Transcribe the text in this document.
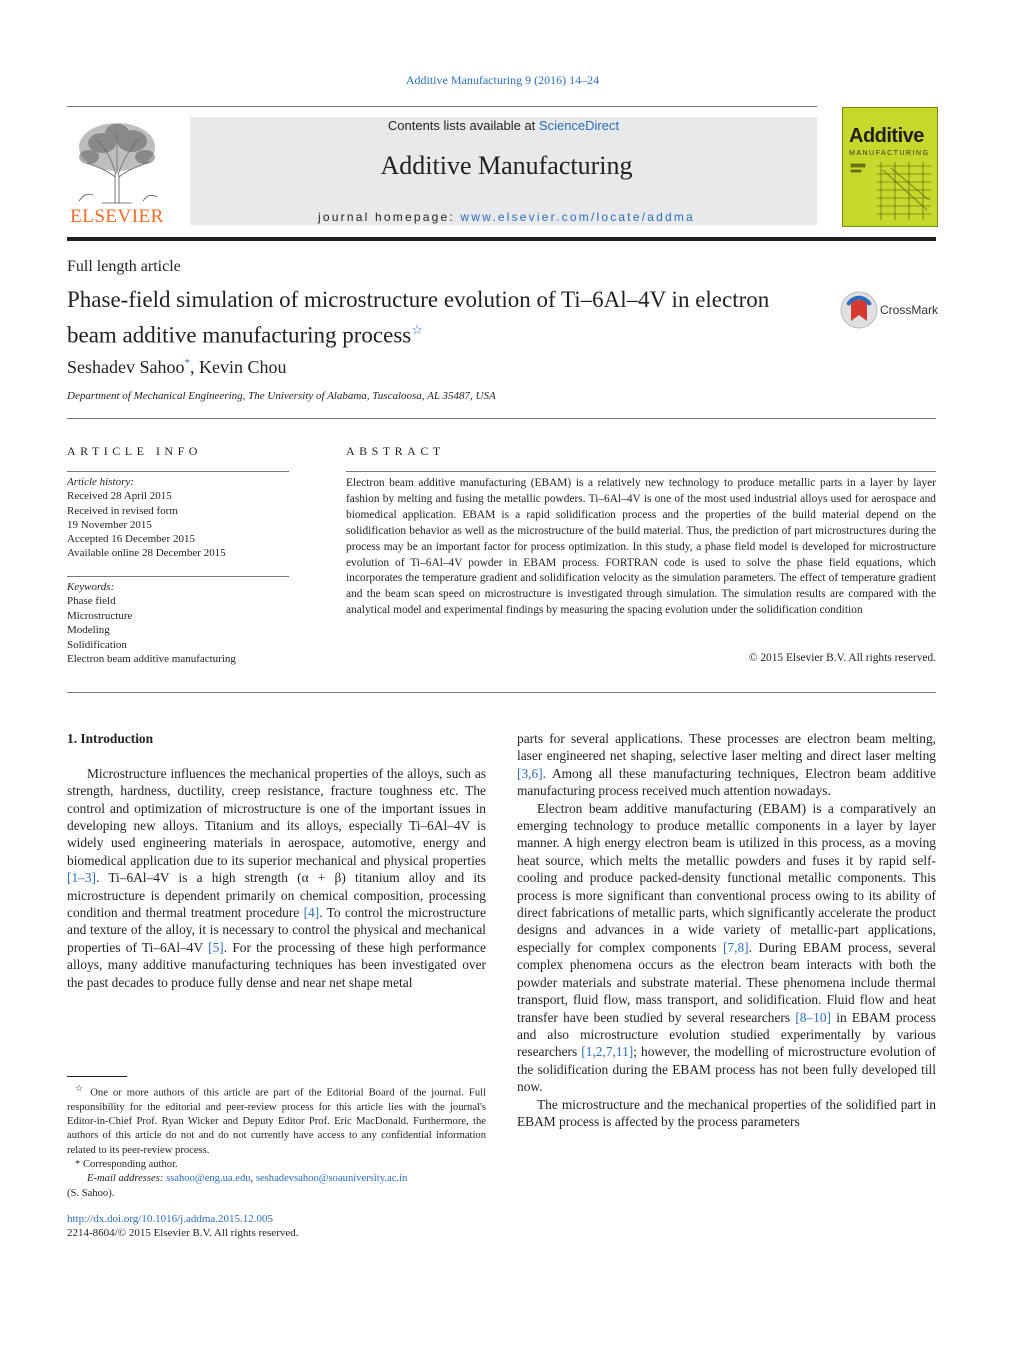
Additive Manufacturing 9 (2016) 14–24
ELSEVIER
Contents lists available at ScienceDirect
Additive Manufacturing
journal homepage: www.elsevier.com/locate/addma
Additive
MANUFACTURING
Full length article
Phase-field simulation of microstructure evolution of Ti–6Al–4V in electron beam additive manufacturing process☆
CrossMark
Seshadev Sahoo*, Kevin Chou
Department of Mechanical Engineering, The University of Alabama, Tuscaloosa, AL 35487, USA
ARTICLE INFO	ABSTRACT
Article history:
Received 28 April 2015
Received in revised form
19 November 2015
Accepted 16 December 2015
Available online 28 December 2015
Keywords:
Phase field
Microstructure
Modeling
Solidification
Electron beam additive manufacturing
Electron beam additive manufacturing (EBAM) is a relatively new technology to produce metallic parts in a layer by layer fashion by melting and fusing the metallic powders. Ti–6Al–4V is one of the most used industrial alloys used for aerospace and biomedical application. EBAM is a rapid solidification process and the properties of the build material depend on the solidification behavior as well as the microstructure of the build material. Thus, the prediction of part microstructures during the process may be an important factor for process optimization. In this study, a phase field model is developed for microstructure evolution of Ti–6Al–4V powder in EBAM process. FORTRAN code is used to solve the phase field equations, which incorporates the temperature gradient and solidification velocity as the simulation parameters. The effect of temperature gradient and the beam scan speed on microstructure is investigated through simulation. The simulation results are compared with the analytical model and experimental findings by measuring the spacing evolution under the solidification condition
© 2015 Elsevier B.V. All rights reserved.
1. Introduction

Microstructure influences the mechanical properties of the alloys, such as strength, hardness, ductility, creep resistance, fracture toughness etc. The control and optimization of microstructure is one of the important issues in developing new alloys. Titanium and its alloys, especially Ti–6Al–4V is widely used engineering materials in aerospace, automotive, energy and biomedical application due to its superior mechanical and physical properties [1–3]. Ti–6Al–4V is a high strength (α + β) titanium alloy and its microstructure is dependent primarily on chemical composition, processing condition and thermal treatment procedure [4]. To control the microstructure and texture of the alloy, it is necessary to control the physical and mechanical properties of Ti–6Al–4V [5]. For the processing of these high performance alloys, many additive manufacturing techniques has been investigated over the past decades to produce fully dense and near net shape metal

parts for several applications. These processes are electron beam melting, laser engineered net shaping, selective laser melting and direct laser melting [3,6]. Among all these manufacturing techniques, Electron beam additive manufacturing process received much attention nowadays.

Electron beam additive manufacturing (EBAM) is a comparatively an emerging technology to produce metallic components in a layer by layer manner. A high energy electron beam is utilized in this process, as a moving heat source, which melts the metallic powders and fuses it by rapid self-cooling and produce packed-density functional metallic components. This process is more significant than conventional process owing to its ability of direct fabrications of metallic parts, which significantly accelerate the product designs and advances in a wide variety of metallic-part applications, especially for complex components [7,8]. During EBAM process, several complex phenomena occurs as the electron beam interacts with both the powder materials and substrate material. These phenomena include thermal transport, fluid flow, mass transport, and solidification. Fluid flow and heat transfer have been studied by several researchers [8–10] in EBAM process and also microstructure evolution studied experimentally by various researchers [1,2,7,11]; however, the modelling of microstructure evolution of the solidification during the EBAM process has not been fully developed till now.

The microstructure and the mechanical properties of the solidified part in EBAM process is affected by the process parameters

☆ One or more authors of this article are part of the Editorial Board of the journal. Full responsibility for the editorial and peer-review process for this article lies with the journal's Editor-in-Chief Prof. Ryan Wicker and Deputy Editor Prof. Eric MacDonald. Furthermore, the authors of this article do not and do not currently have access to any confidential information related to its peer-review process.

* Corresponding author.

E-mail addresses: ssahoo@eng.ua.edu, seshadevsahoo@soauniversity.ac.in

(S. Sahoo).

http://dx.doi.org/10.1016/j.addma.2015.12.005
2214-8604/© 2015 Elsevier B.V. All rights reserved.
